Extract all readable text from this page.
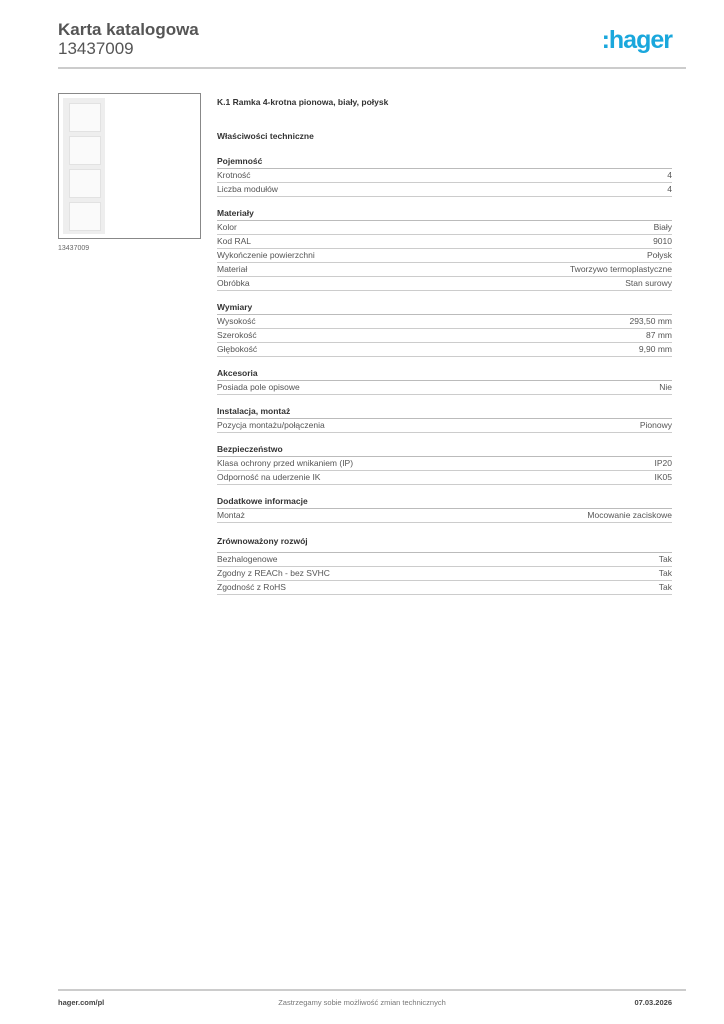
Karta katalogowa
13437009	:hager
13437009
K.1 Ramka 4-krotna pionowa, biały, połysk
Właściwości techniczne
Pojemność
Krotność	4
Liczba modułów	4
Materiały
Kolor	Biały
Kod RAL	9010
Wykończenie powierzchni	Połysk
Materiał	Tworzywo termoplastyczne
Obróbka	Stan surowy
Wymiary
Wysokość	293,50 mm
Szerokość	87 mm
Głębokość	9,90 mm
Akcesoria
Posiada pole opisowe	Nie
Instalacja, montaż
Pozycja montażu/połączenia	Pionowy
Bezpieczeństwo
Klasa ochrony przed wnikaniem (IP)	IP20
Odporność na uderzenie IK	IK05
Dodatkowe informacje
Montaż	Mocowanie zaciskowe
Zrównoważony rozwój
Bezhalogenowe	Tak
Zgodny z REACh - bez SVHC	Tak
Zgodność z RoHS	Tak
hager.com/pl	Zastrzegamy sobie możliwość zmian technicznych	07.03.2026
